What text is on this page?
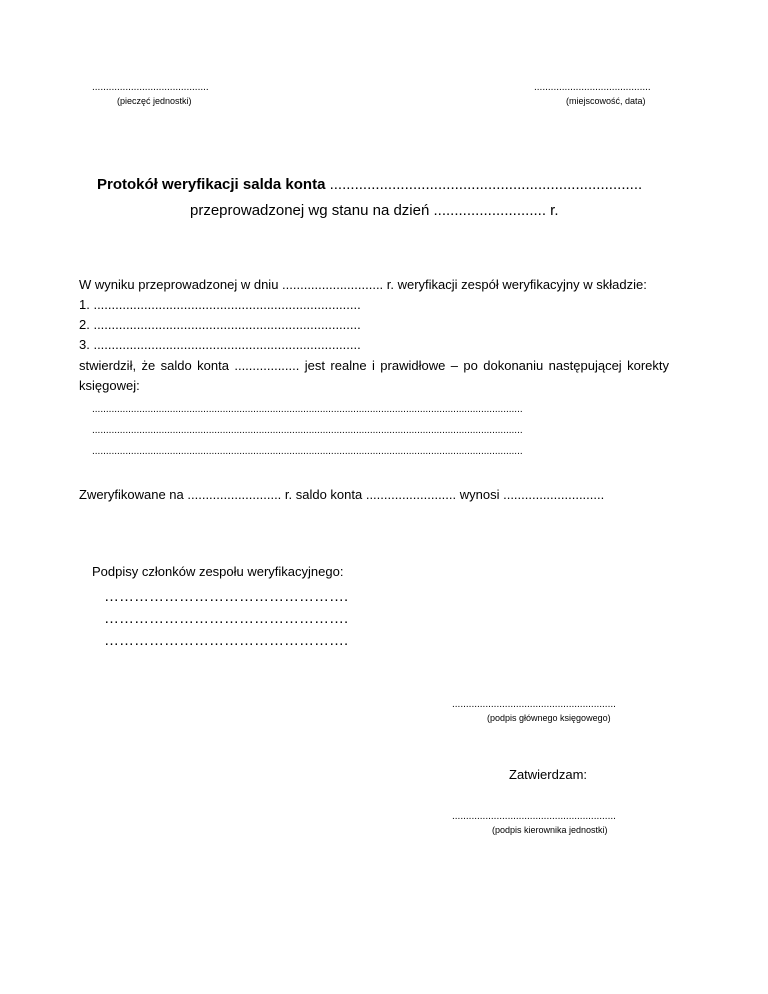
..........................................
(pieczęć jednostki)
..........................................
(miejscowość, data)
Protokół weryfikacji salda konta ...........................................................................
przeprowadzonej wg stanu na dzień ........................... r.
W wyniku przeprowadzonej w dniu ............................ r. weryfikacji zespół weryfikacyjny w składzie:
1. ..........................................................................
2. ..........................................................................
3. ..........................................................................
stwierdził, że saldo konta .................. jest realne i prawidłowe – po dokonaniu następującej korekty
księgowej:
...........................................................................................................................................................
...........................................................................................................................................................
...........................................................................................................................................................
Zweryfikowane na .......................... r. saldo konta ......................... wynosi ............................
Podpisy członków zespołu weryfikacyjnego:
………………………………………….
………………………………………….
………………………………………….
...........................................................
(podpis głównego księgowego)
Zatwierdzam:
...........................................................
(podpis kierownika jednostki)
